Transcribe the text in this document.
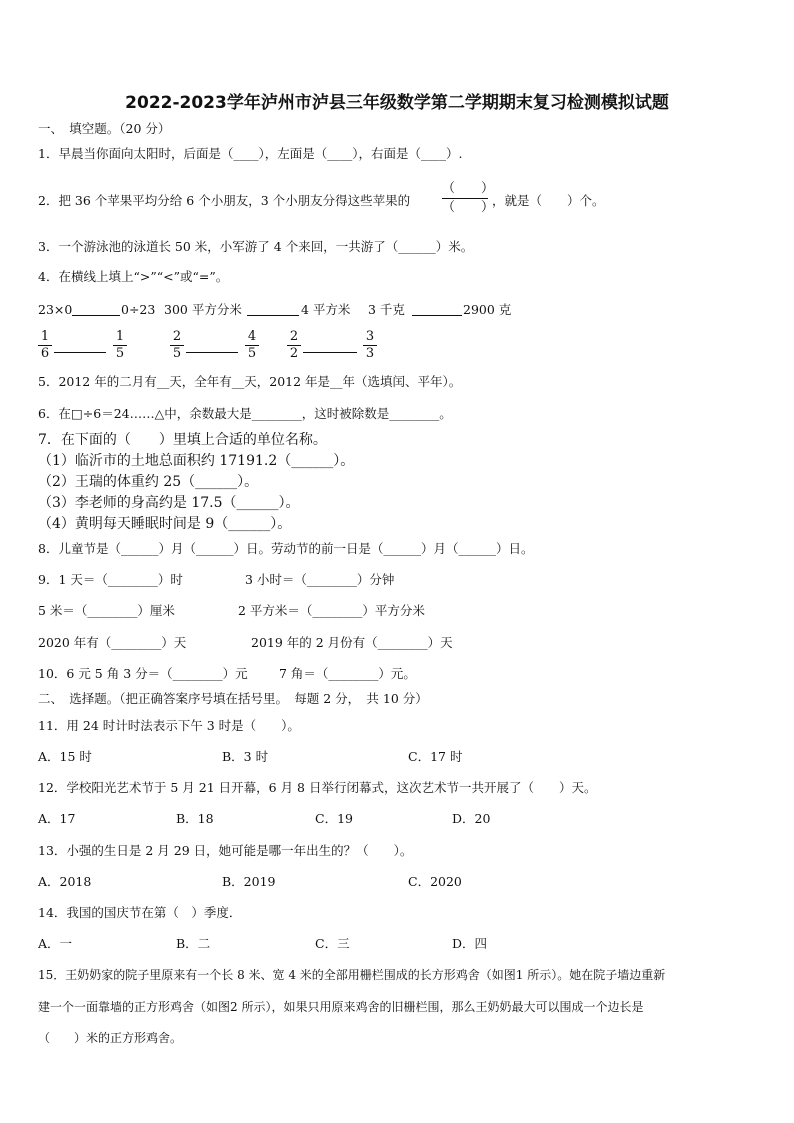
2022-2023学年泸州市泸县三年级数学第二学期期末复习检测模拟试题
一、　填空题。（20 分）
1．早晨当你面向太阳时，后面是（____），左面是（____），右面是（____）.
2．把 36 个苹果平均分给 6 个小朋友，3 个小朋友分得这些苹果的
（　　）
（　　）
，就是（　　）个。
3．一个游泳池的泳道长 50 米，小军游了 4 个来回，一共游了（______）米。
4．在横线上填上“>”“<”或“=”。
23×0	0÷23 300 平方分米	4 平方米 3 千克	2900 克
$\frac{1}{6}$	$\frac{1}{5}$	$\frac{2}{5}$	$\frac{4}{5} \frac{2}{2}$	$\frac{3}{3}$
5．2012 年的二月有__天，全年有__天，2012 年是__年（选填闰、平年）。
6．在□÷6＝24……△中，余数最大是________，这时被除数是________。
7．在下面的（　　）里填上合适的单位名称。
（1）临沂市的土地总面积约 17191.2（______）。
（2）王瑞的体重约 25（______）。
（3）李老师的身高约是 17.5（______）。
（4）黄明每天睡眠时间是 9（______）。
8．儿童节是（______）月（______）日。劳动节的前一日是（______）月（______）日。
9．1 天＝（________）时	3 小时＝（________）分钟
5 米＝（________）厘米	2 平方米＝（________）平方分米
2020 年有（________）天	2019 年的 2 月份有（________）天
10．6 元 5 角 3 分＝（________）元	7 角＝（________）元。
二、　选择题。（把正确答案序号填在括号里。　每题 2 分，　共 10 分）
11．用 24 时计时法表示下午 3 时是（　　）。
A．15 时	B．3 时	C．17 时
12．学校阳光艺术节于 5 月 21 日开幕，6 月 8 日举行闭幕式，这次艺术节一共开展了（　　）天。
A．17	B．18	C．19	D．20
13．小强的生日是 2 月 29 日，她可能是哪一年出生的？（　　）。
A．2018	B．2019	C．2020
14．我国的国庆节在第（　）季度．
A．一	B．二	C．三	D．四
15．王奶奶家的院子里原来有一个长 8 米、宽 4 米的全部用栅栏围成的长方形鸡舍（如图1 所示）。她在院子墙边重新
建一个一面靠墙的正方形鸡舍（如图2 所示），如果只用原来鸡舍的旧栅栏围，那么王奶奶最大可以围成一个边长是
（　　）米的正方形鸡舍。
